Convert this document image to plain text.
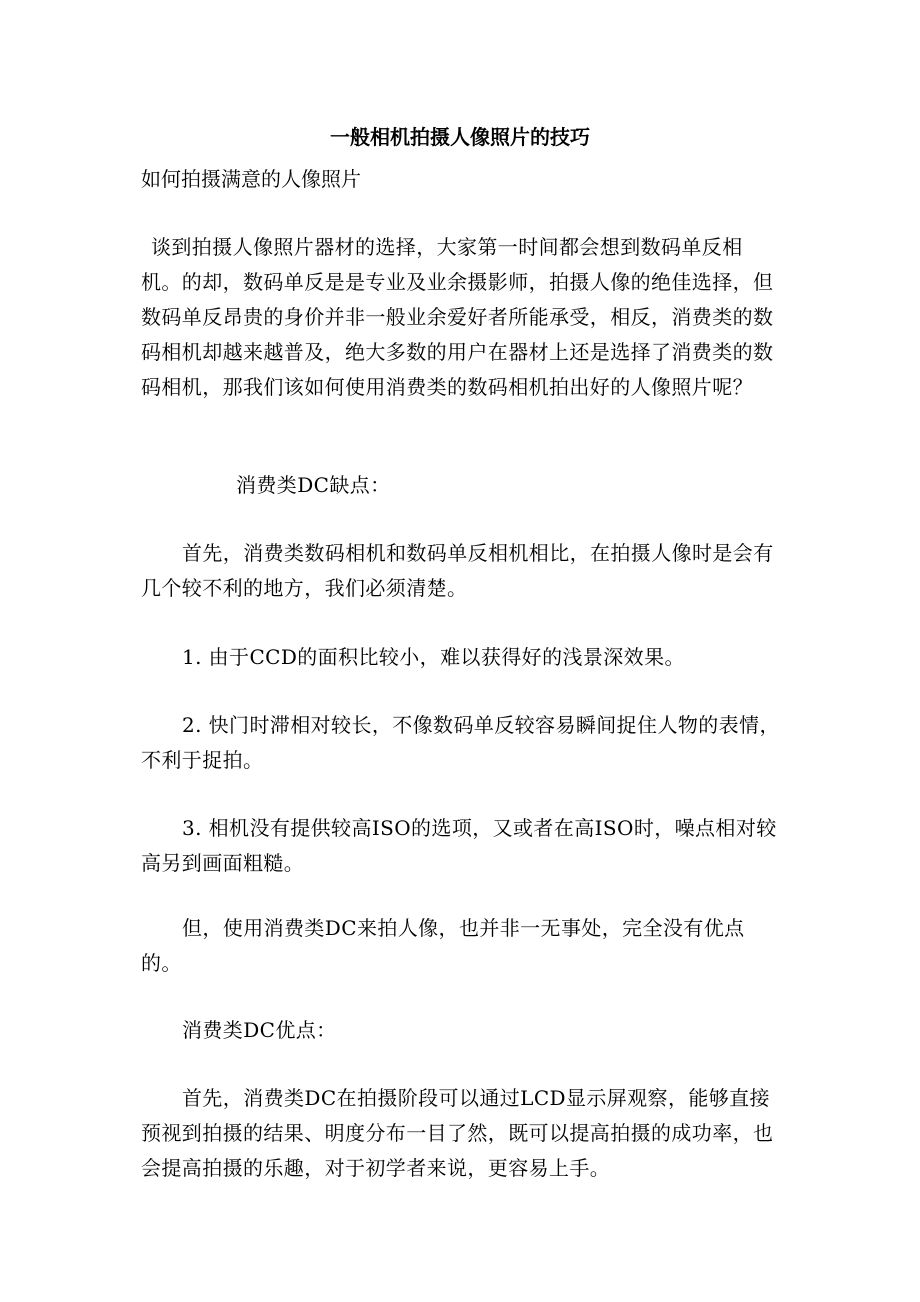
一般相机拍摄人像照片的技巧
如何拍摄满意的人像照片
谈到拍摄人像照片器材的选择，大家第一时间都会想到数码单反相机。的却，数码单反是是专业及业余摄影师，拍摄人像的绝佳选择，但数码单反昂贵的身价并非一般业余爱好者所能承受，相反，消费类的数码相机却越来越普及，绝大多数的用户在器材上还是选择了消费类的数码相机，那我们该如何使用消费类的数码相机拍出好的人像照片呢？
消费类DC缺点：
首先，消费类数码相机和数码单反相机相比，在拍摄人像时是会有几个较不利的地方，我们必须清楚。
1. 由于CCD的面积比较小，难以获得好的浅景深效果。
2. 快门时滞相对较长，不像数码单反较容易瞬间捉住人物的表情，不利于捉拍。
3. 相机没有提供较高ISO的选项，又或者在高ISO时，噪点相对较高另到画面粗糙。
但，使用消费类DC来拍人像，也并非一无事处，完全没有优点的。
消费类DC优点：
首先，消费类DC在拍摄阶段可以通过LCD显示屏观察，能够直接预视到拍摄的结果、明度分布一目了然，既可以提高拍摄的成功率，也会提高拍摄的乐趣，对于初学者来说，更容易上手。
